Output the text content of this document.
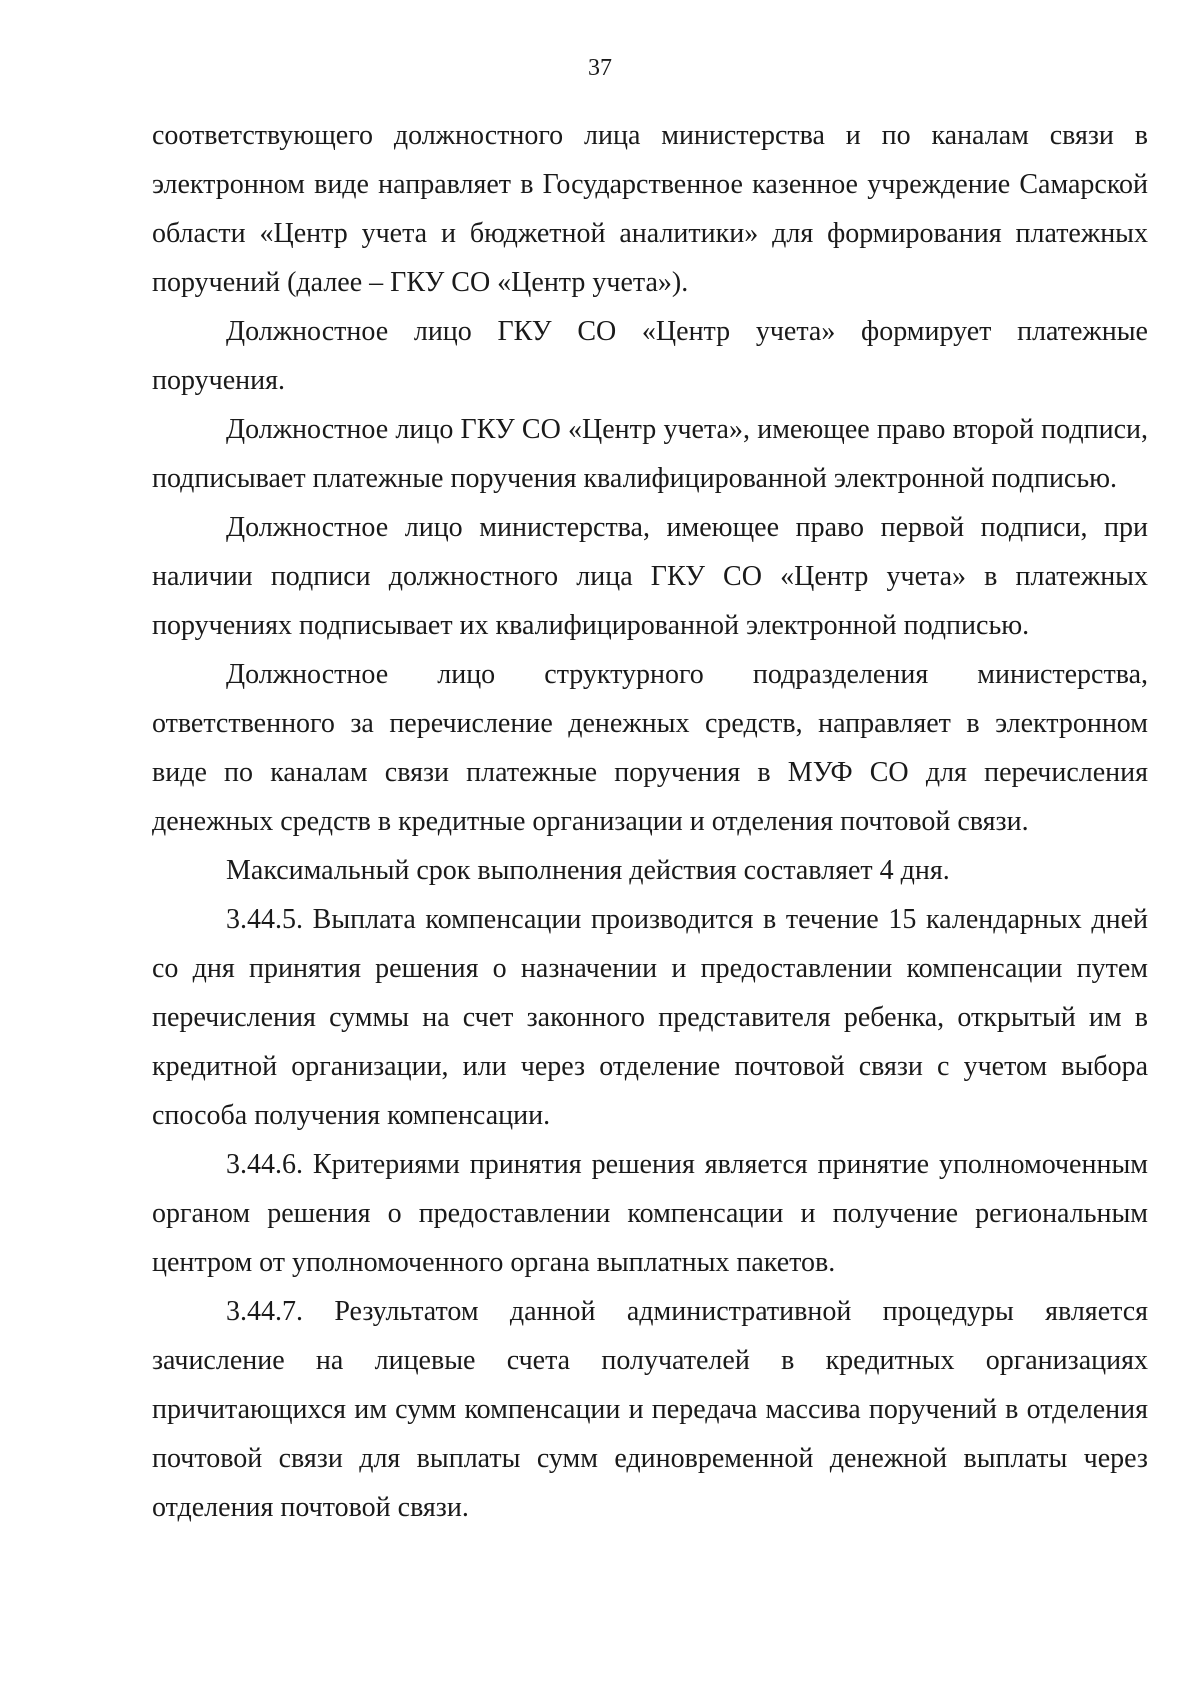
37

соответствующего должностного лица министерства и по каналам связи в электронном виде направляет в Государственное казенное учреждение Самарской области «Центр учета и бюджетной аналитики» для формирования платежных поручений (далее – ГКУ СО «Центр учета»).

Должностное лицо ГКУ СО «Центр учета» формирует платежные поручения.

Должностное лицо ГКУ СО «Центр учета», имеющее право второй подписи, подписывает платежные поручения квалифицированной электронной подписью.

Должностное лицо министерства, имеющее право первой подписи, при наличии подписи должностного лица ГКУ СО «Центр учета» в платежных поручениях подписывает их квалифицированной электронной подписью.

Должностное лицо структурного подразделения министерства, ответственного за перечисление денежных средств, направляет в электронном виде по каналам связи платежные поручения в МУФ СО для перечисления денежных средств в кредитные организации и отделения почтовой связи.

Максимальный срок выполнения действия составляет 4 дня.

3.44.5. Выплата компенсации производится в течение 15 календарных дней со дня принятия решения о назначении и предоставлении компенсации путем перечисления суммы на счет законного представителя ребенка, открытый им в кредитной организации, или через отделение почтовой связи с учетом выбора способа получения компенсации.

3.44.6. Критериями принятия решения является принятие уполномоченным органом решения о предоставлении компенсации и получение региональным центром от уполномоченного органа выплатных пакетов.

3.44.7. Результатом данной административной процедуры является зачисление на лицевые счета получателей в кредитных организациях причитающихся им сумм компенсации и передача массива поручений в отделения почтовой связи для выплаты сумм единовременной денежной выплаты через отделения почтовой связи.
